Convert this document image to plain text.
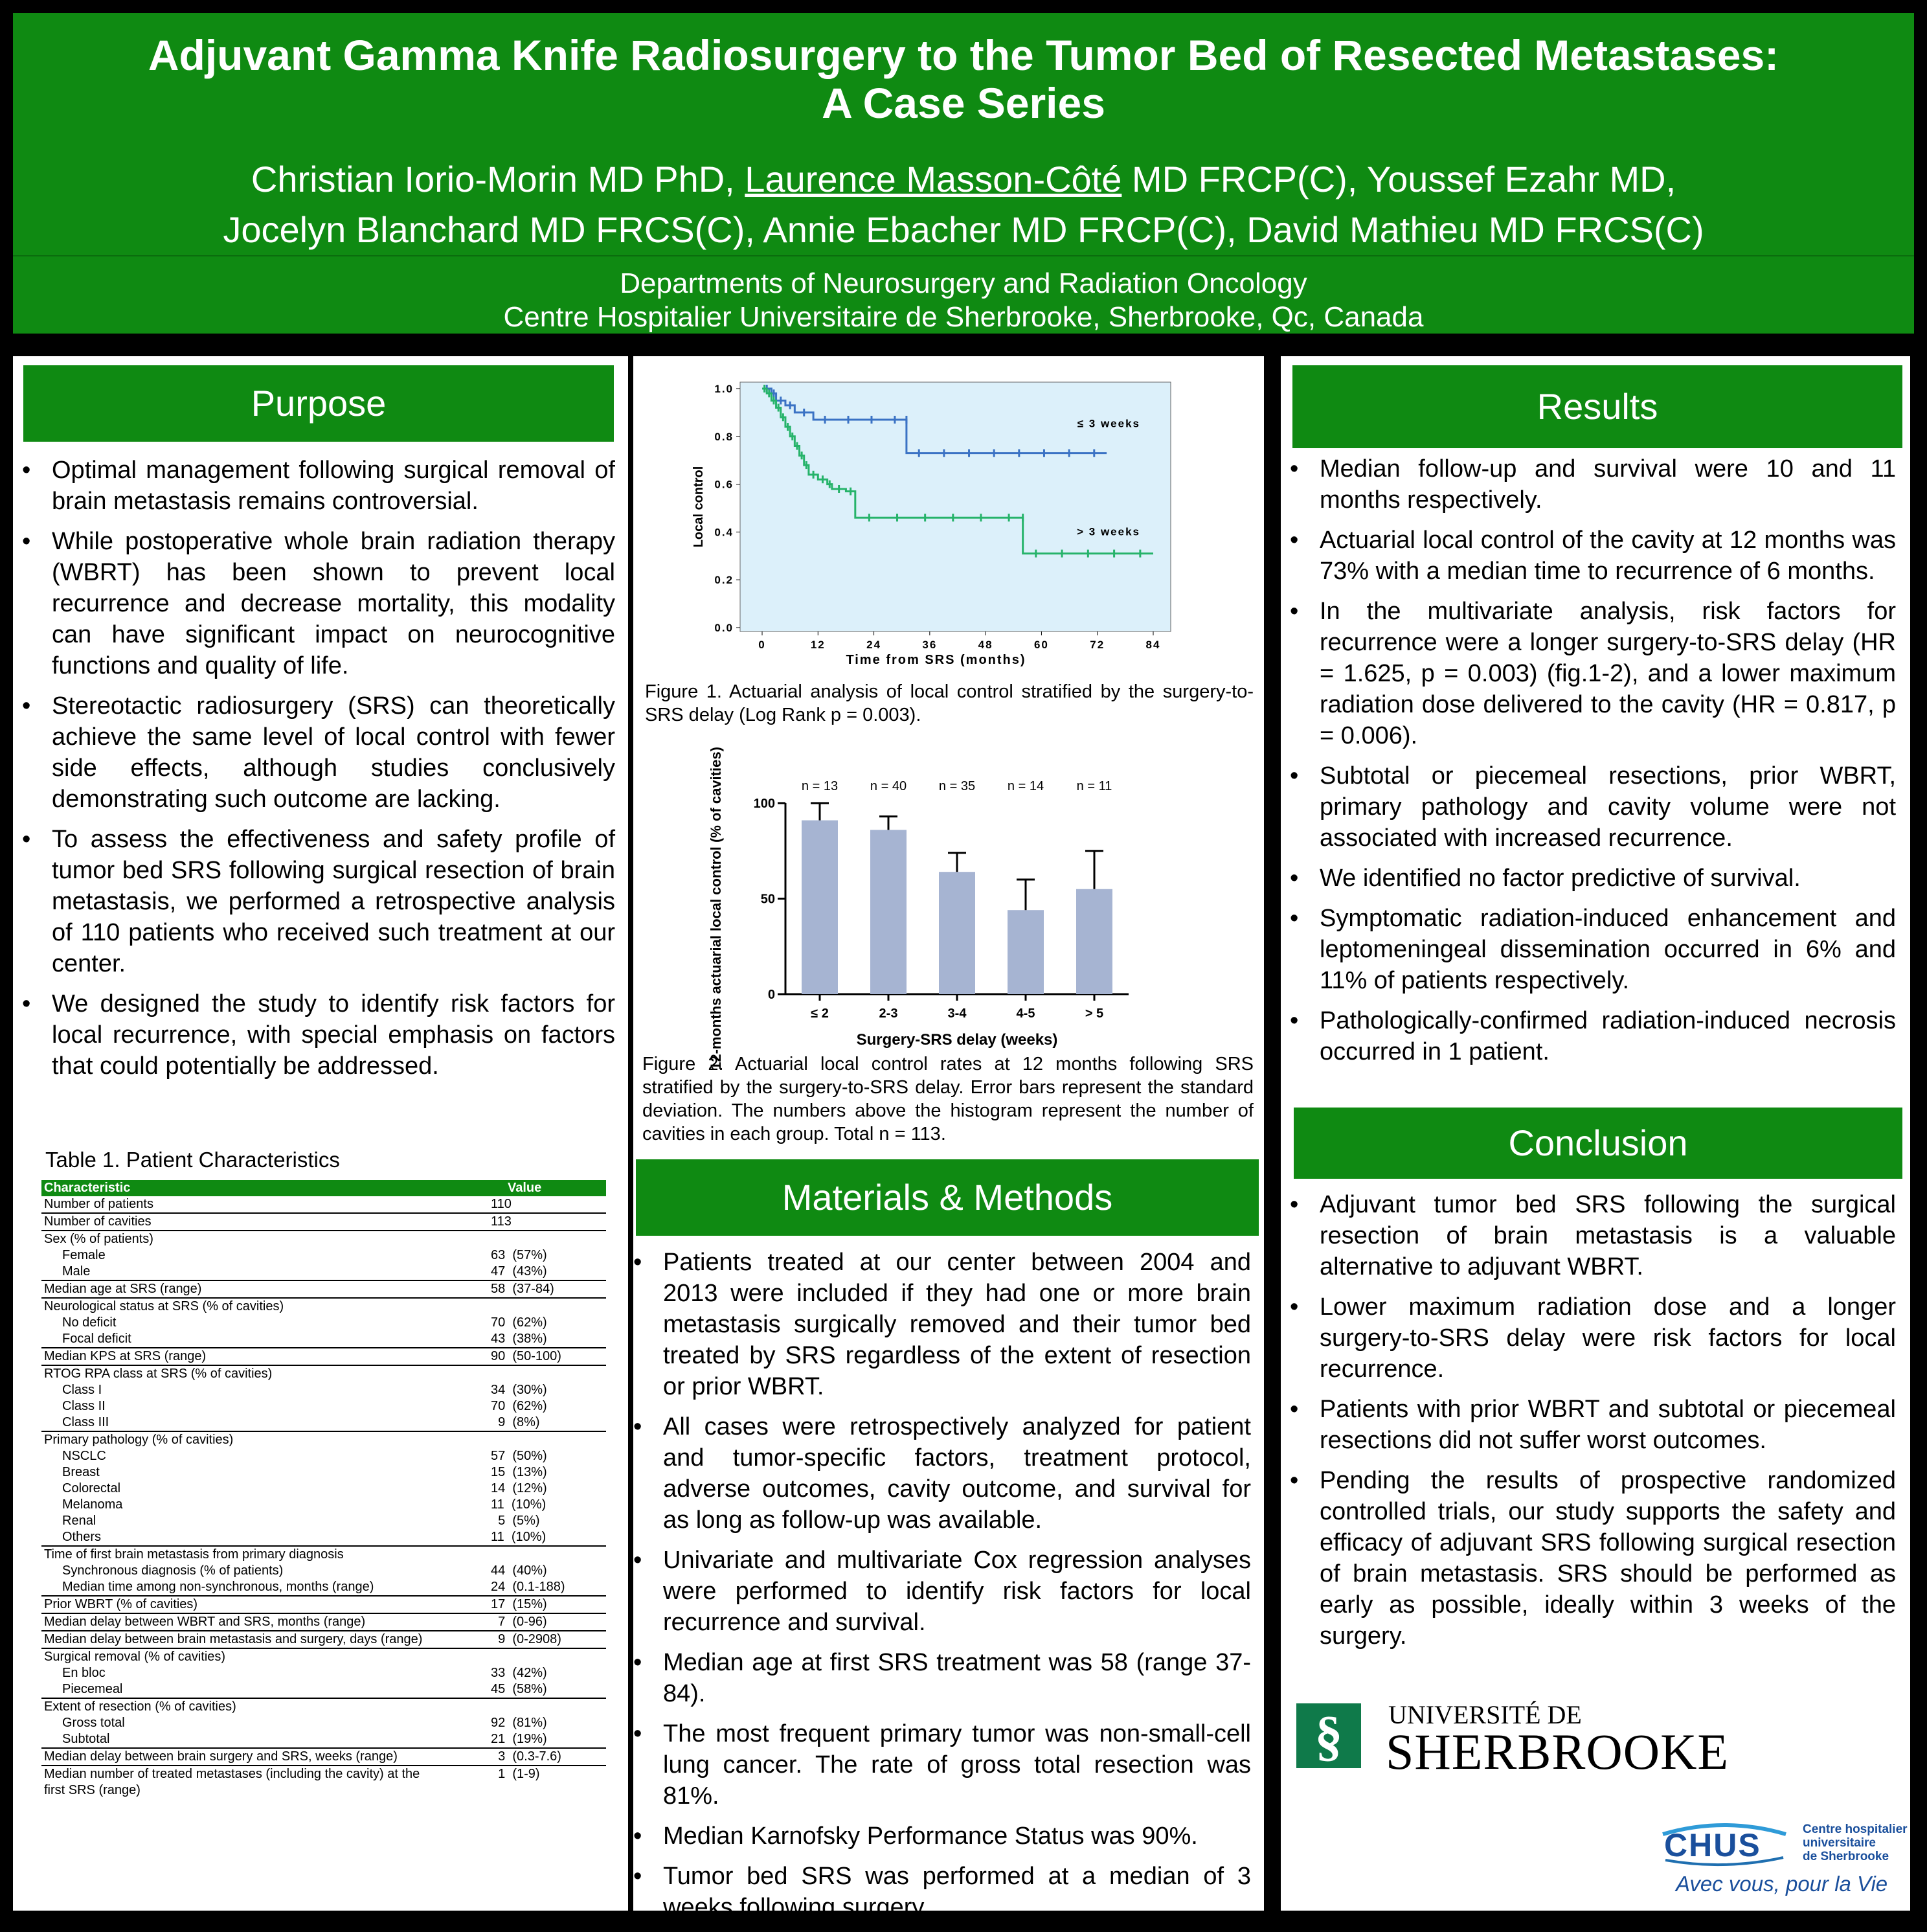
Adjuvant Gamma Knife Radiosurgery to the Tumor Bed of Resected Metastases:
A Case Series
Christian Iorio-Morin MD PhD, Laurence Masson-Côté MD FRCP(C), Youssef Ezahr MD,
Jocelyn Blanchard MD FRCS(C), Annie Ebacher MD FRCP(C), David Mathieu MD FRCS(C)
Departments of Neurosurgery and Radiation Oncology
Centre Hospitalier Universitaire de Sherbrooke, Sherbrooke, Qc, Canada
Purpose
• Optimal management following surgical removal of brain metastasis remains controversial.
• While postoperative whole brain radiation therapy (WBRT) has been shown to prevent local recurrence and decrease mortality, this modality can have significant impact on neurocognitive functions and quality of life.
• Stereotactic radiosurgery (SRS) can theoretically achieve the same level of local control with fewer side effects, although studies conclusively demonstrating such outcome are lacking.
• To assess the effectiveness and safety profile of tumor bed SRS following surgical resection of brain metastasis, we performed a retrospective analysis of 110 patients who received such treatment at our center.
• We designed the study to identify risk factors for local recurrence, with special emphasis on factors that could potentially be addressed.
Table 1. Patient Characteristics
Characteristic	Value
Number of patients	110
Number of cavities	113
Sex (% of patients)	
Female	63  (57%)
Male	47  (43%)
Median age at SRS (range)	58  (37-84)
Neurological status at SRS (% of cavities)	
No deficit	70  (62%)
Focal deficit	43  (38%)
Median KPS at SRS (range)	90  (50-100)
RTOG RPA class at SRS (% of cavities)	
Class I	34  (30%)
Class II	70  (62%)
Class III	9  (8%)
Primary pathology (% of cavities)	
NSCLC	57  (50%)
Breast	15  (13%)
Colorectal	14  (12%)
Melanoma	11  (10%)
Renal	5  (5%)
Others	11  (10%)
Time of first brain metastasis from primary diagnosis	
Synchronous diagnosis (% of patients)	44  (40%)
Median time among non-synchronous, months (range)	24  (0.1-188)
Prior WBRT (% of cavities)	17  (15%)
Median delay between WBRT and SRS, months (range)	7  (0-96)
Median delay between brain metastasis and surgery, days (range)	9  (0-2908)
Surgical removal (% of cavities)	
En bloc	33  (42%)
Piecemeal	45  (58%)
Extent of resection (% of cavities)	
Gross total	92  (81%)
Subtotal	21  (19%)
Median delay between brain surgery and SRS, weeks (range)	3  (0.3-7.6)
Median number of treated metastases (including the cavity) at the	1  (1-9)
first SRS (range)	
0.0
0.2
0.4
0.6
0.8
1.0
0	12	24	36	48	60	72	84
Time from SRS (months)
Local control
≤ 3 weeks
> 3 weeks
Figure 1. Actuarial analysis of local control stratified by the surgery-to-SRS delay (Log Rank p = 0.003).
0
50
100
≤ 2
n = 13
2-3
n = 40
3-4
n = 35
4-5
n = 14
> 5
n = 11
Surgery-SRS delay (weeks)
12-months actuarial local control (% of cavities)
Figure 2. Actuarial local control rates at 12 months following SRS stratified by the surgery-to-SRS delay. Error bars represent the standard deviation. The numbers above the histogram represent the number of cavities in each group. Total n = 113.
Materials & Methods
• Patients treated at our center between 2004 and 2013 were included if they had one or more brain metastasis surgically removed and their tumor bed treated by SRS regardless of the extent of resection or prior WBRT.
• All cases were retrospectively analyzed for patient and tumor-specific factors, treatment protocol, adverse outcomes, cavity outcome, and survival for as long as follow-up was available.
• Univariate and multivariate Cox regression analyses were performed to identify risk factors for local recurrence and survival.
• Median age at first SRS treatment was 58 (range 37-84).
• The most frequent primary tumor was non-small-cell lung cancer. The rate of gross total resection was 81%.
• Median Karnofsky Performance Status was 90%.
• Tumor bed SRS was performed at a median of 3 weeks following surgery.
Results
• Median follow-up and survival were 10 and 11 months respectively.
• Actuarial local control of the cavity at 12 months was 73% with a median time to recurrence of 6 months.
• In the multivariate analysis, risk factors for recurrence were a longer surgery-to-SRS delay (HR = 1.625, p = 0.003) (fig.1-2), and a lower maximum radiation dose delivered to the cavity (HR = 0.817, p = 0.006).
• Subtotal or piecemeal resections, prior WBRT, primary pathology and cavity volume were not associated with increased recurrence.
• We identified no factor predictive of survival.
• Symptomatic radiation-induced enhancement and leptomeningeal dissemination occurred in 6% and 11% of patients respectively.
• Pathologically-confirmed radiation-induced necrosis occurred in 1 patient.
Conclusion
• Adjuvant tumor bed SRS following the surgical resection of brain metastasis is a valuable alternative to adjuvant WBRT.
• Lower maximum radiation dose and a longer surgery-to-SRS delay were risk factors for local recurrence.
• Patients with prior WBRT and subtotal or piecemeal resections did not suffer worst outcomes.
• Pending the results of prospective randomized controlled trials, our study supports the safety and efficacy of adjuvant SRS following surgical resection of brain metastasis. SRS should be performed as early as possible, ideally within 3 weeks of the surgery.
§	UNIVERSITÉ DE
SHERBROOKE
CHUS	Centre hospitalier
universitaire
de Sherbrooke
Avec vous, pour la Vie
